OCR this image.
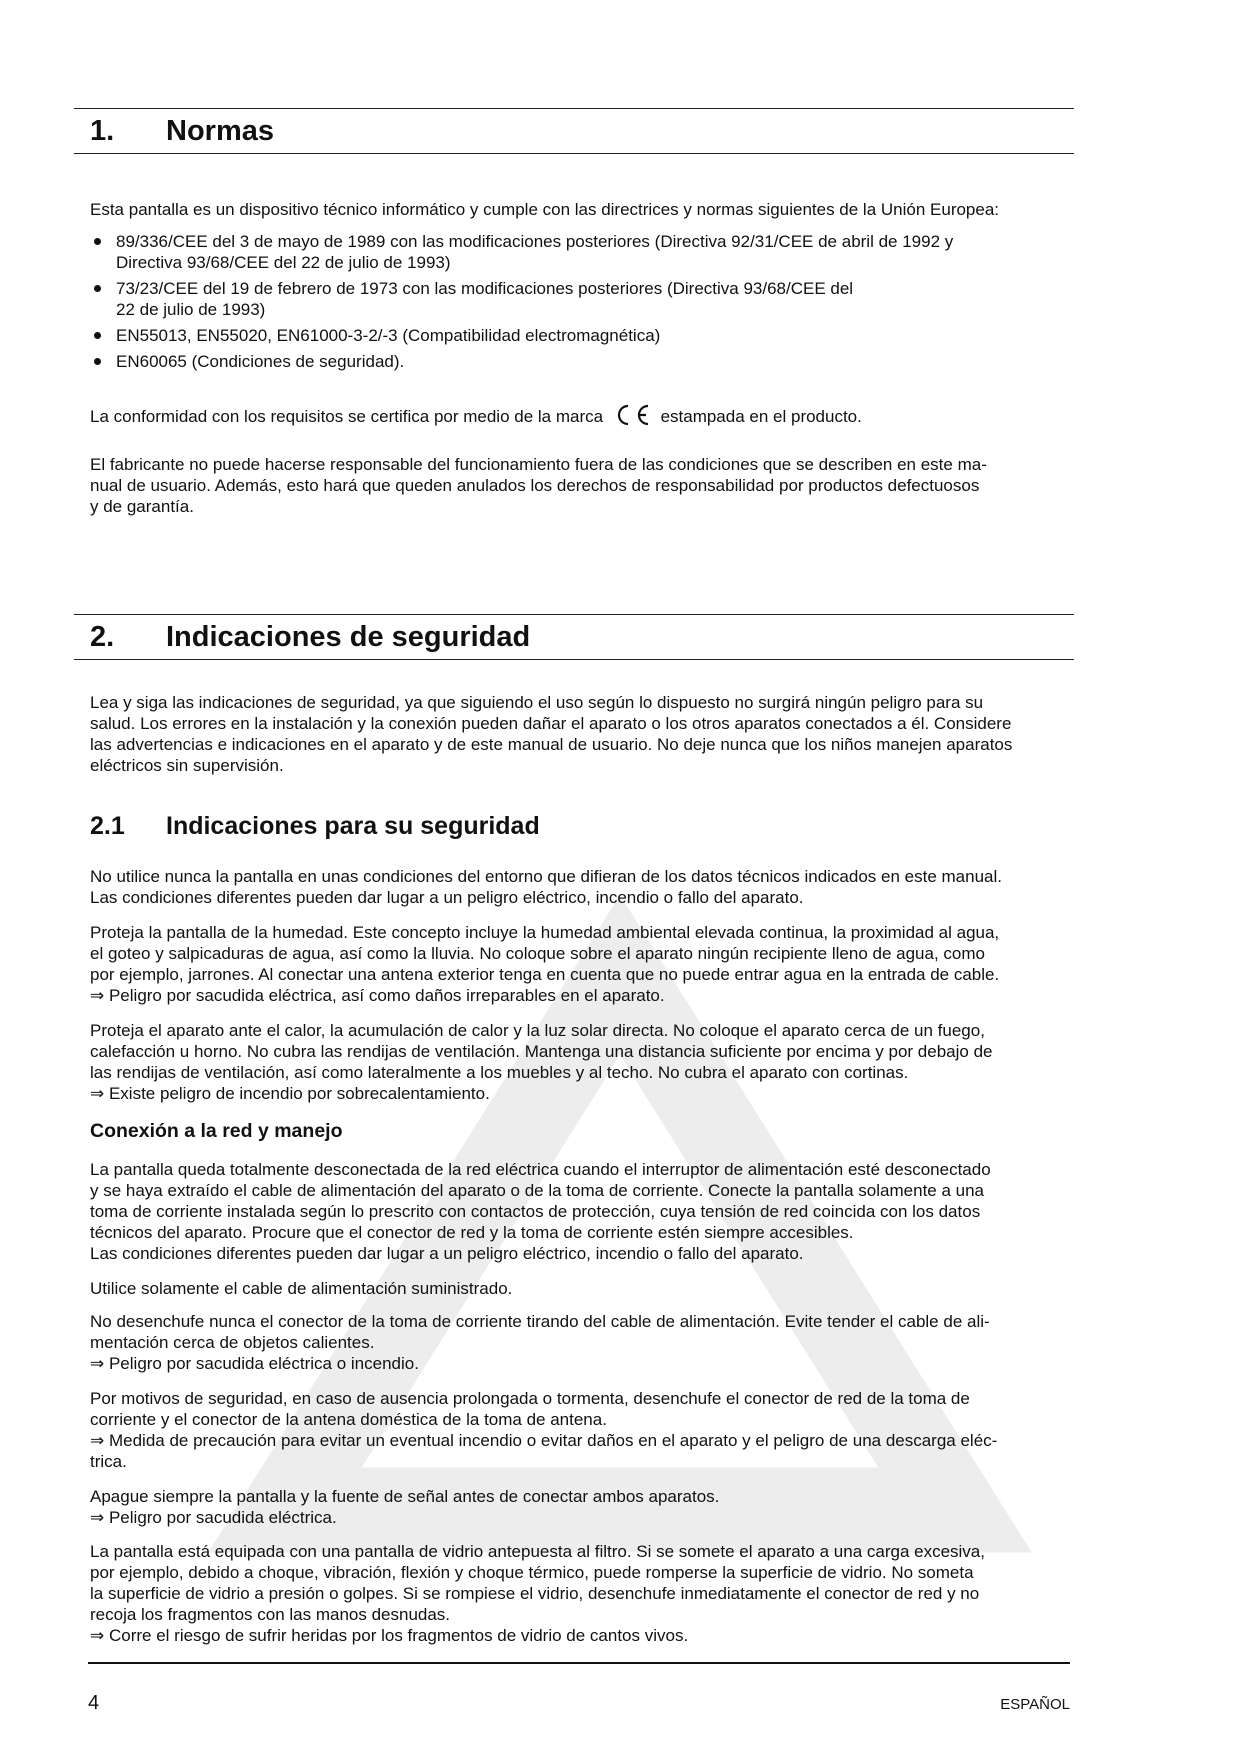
1.	Normas
Esta pantalla es un dispositivo técnico informático y cumple con las directrices y normas siguientes de la Unión Europea:
89/336/CEE del 3 de mayo de 1989 con las modificaciones posteriores (Directiva 92/31/CEE de abril de 1992 y
Directiva 93/68/CEE del 22 de julio de 1993)
73/23/CEE del 19 de febrero de 1973 con las modificaciones posteriores (Directiva 93/68/CEE del
22 de julio de 1993)
EN55013, EN55020, EN61000-3-2/-3 (Compatibilidad electromagnética)
EN60065 (Condiciones de seguridad).
La conformidad con los requisitos se certifica por medio de la marca	estampada en el producto.
El fabricante no puede hacerse responsable del funcionamiento fuera de las condiciones que se describen en este ma-
nual de usuario. Además, esto hará que queden anulados los derechos de responsabilidad por productos defectuosos
y de garantía.
2.	Indicaciones de seguridad
Lea y siga las indicaciones de seguridad, ya que siguiendo el uso según lo dispuesto no surgirá ningún peligro para su
salud. Los errores en la instalación y la conexión pueden dañar el aparato o los otros aparatos conectados a él. Considere
las advertencias e indicaciones en el aparato y de este manual de usuario. No deje nunca que los niños manejen aparatos
eléctricos sin supervisión.
2.1	Indicaciones para su seguridad
No utilice nunca la pantalla en unas condiciones del entorno que difieran de los datos técnicos indicados en este manual.
Las condiciones diferentes pueden dar lugar a un peligro eléctrico, incendio o fallo del aparato.
Proteja la pantalla de la humedad. Este concepto incluye la humedad ambiental elevada continua, la proximidad al agua,
el goteo y salpicaduras de agua, así como la lluvia. No coloque sobre el aparato ningún recipiente lleno de agua, como
por ejemplo, jarrones. Al conectar una antena exterior tenga en cuenta que no puede entrar agua en la entrada de cable.
⇒ Peligro por sacudida eléctrica, así como daños irreparables en el aparato.
Proteja el aparato ante el calor, la acumulación de calor y la luz solar directa. No coloque el aparato cerca de un fuego,
calefacción u horno. No cubra las rendijas de ventilación. Mantenga una distancia suficiente por encima y por debajo de
las rendijas de ventilación, así como lateralmente a los muebles y al techo. No cubra el aparato con cortinas.
⇒ Existe peligro de incendio por sobrecalentamiento.
Conexión a la red y manejo
La pantalla queda totalmente desconectada de la red eléctrica cuando el interruptor de alimentación esté desconectado
y se haya extraído el cable de alimentación del aparato o de la toma de corriente. Conecte la pantalla solamente a una
toma de corriente instalada según lo prescrito con contactos de protección, cuya tensión de red coincida con los datos
técnicos del aparato. Procure que el conector de red y la toma de corriente estén siempre accesibles.
Las condiciones diferentes pueden dar lugar a un peligro eléctrico, incendio o fallo del aparato.
Utilice solamente el cable de alimentación suministrado.
No desenchufe nunca el conector de la toma de corriente tirando del cable de alimentación. Evite tender el cable de ali-
mentación cerca de objetos calientes.
⇒ Peligro por sacudida eléctrica o incendio.
Por motivos de seguridad, en caso de ausencia prolongada o tormenta, desenchufe el conector de red de la toma de
corriente y el conector de la antena doméstica de la toma de antena.
⇒ Medida de precaución para evitar un eventual incendio o evitar daños en el aparato y el peligro de una descarga eléc-
trica.
Apague siempre la pantalla y la fuente de señal antes de conectar ambos aparatos.
⇒ Peligro por sacudida eléctrica.
La pantalla está equipada con una pantalla de vidrio antepuesta al filtro. Si se somete el aparato a una carga excesiva,
por ejemplo, debido a choque, vibración, flexión y choque térmico, puede romperse la superficie de vidrio. No someta
la superficie de vidrio a presión o golpes. Si se rompiese el vidrio, desenchufe inmediatamente el conector de red y no
recoja los fragmentos con las manos desnudas.
⇒ Corre el riesgo de sufrir heridas por los fragmentos de vidrio de cantos vivos.
4	ESPAÑOL
